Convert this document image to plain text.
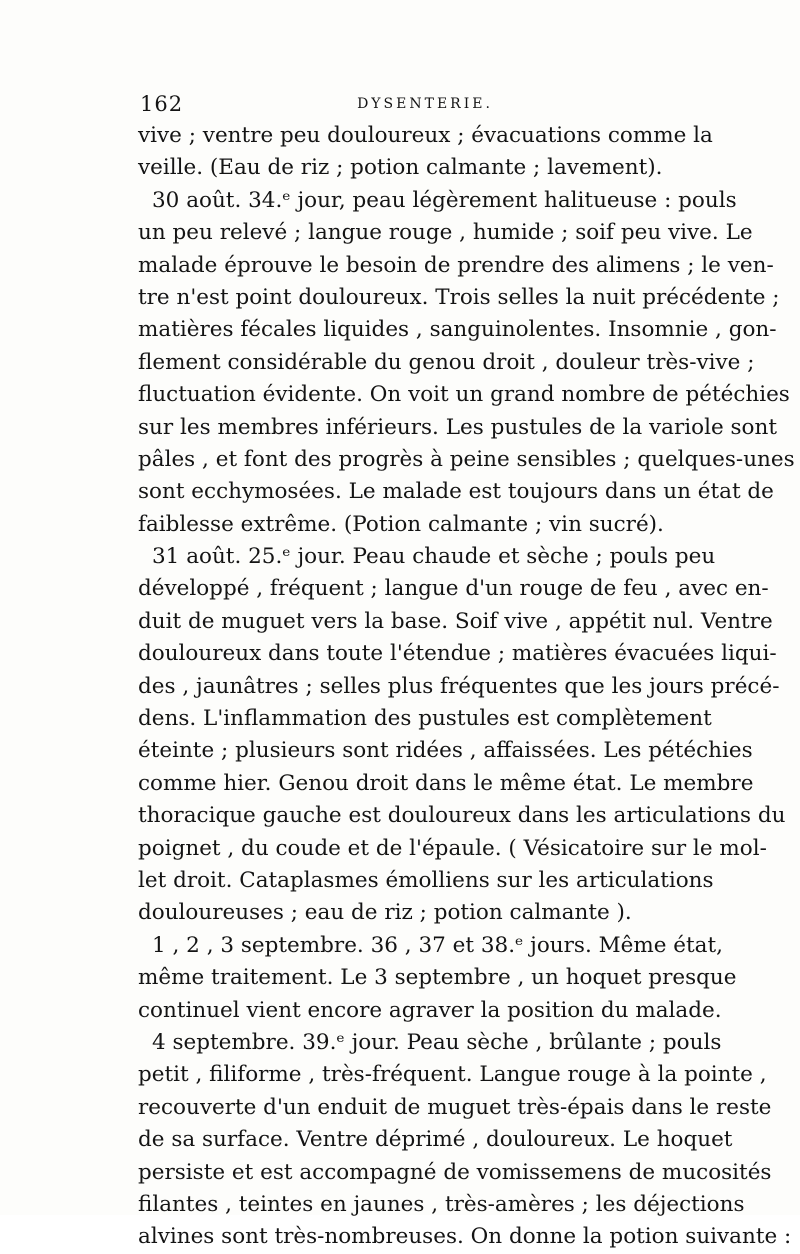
162	DYSENTERIE.
vive ; ventre peu douloureux ; évacuations comme la
veille. (Eau de riz ; potion calmante ; lavement).
30 août. 34.ᵉ jour, peau légèrement halitueuse : pouls
un peu relevé ; langue rouge , humide ; soif peu vive. Le
malade éprouve le besoin de prendre des alimens ; le ven-
tre n'est point douloureux. Trois selles la nuit précédente ;
matières fécales liquides , sanguinolentes. Insomnie , gon-
flement considérable du genou droit , douleur très-vive ;
fluctuation évidente. On voit un grand nombre de pétéchies
sur les membres inférieurs. Les pustules de la variole sont
pâles , et font des progrès à peine sensibles ; quelques-unes
sont ecchymosées. Le malade est toujours dans un état de
faiblesse extrême. (Potion calmante ; vin sucré).
31 août. 25.ᵉ jour. Peau chaude et sèche ; pouls peu
développé , fréquent ; langue d'un rouge de feu , avec en-
duit de muguet vers la base. Soif vive , appétit nul. Ventre
douloureux dans toute l'étendue ; matières évacuées liqui-
des , jaunâtres ; selles plus fréquentes que les jours précé-
dens. L'inflammation des pustules est complètement
éteinte ; plusieurs sont ridées , affaissées. Les pétéchies
comme hier. Genou droit dans le même état. Le membre
thoracique gauche est douloureux dans les articulations du
poignet , du coude et de l'épaule. ( Vésicatoire sur le mol-
let droit. Cataplasmes émolliens sur les articulations
douloureuses ; eau de riz ; potion calmante ).
1 , 2 , 3 septembre. 36 , 37 et 38.ᵉ jours. Même état,
même traitement. Le 3 septembre , un hoquet presque
continuel vient encore agraver la position du malade.
4 septembre. 39.ᵉ jour. Peau sèche , brûlante ; pouls
petit , filiforme , très-fréquent. Langue rouge à la pointe ,
recouverte d'un enduit de muguet très-épais dans le reste
de sa surface. Ventre déprimé , douloureux. Le hoquet
persiste et est accompagné de vomissemens de mucosités
filantes , teintes en jaunes , très-amères ; les déjections
alvines sont très-nombreuses. On donne la potion suivante :
